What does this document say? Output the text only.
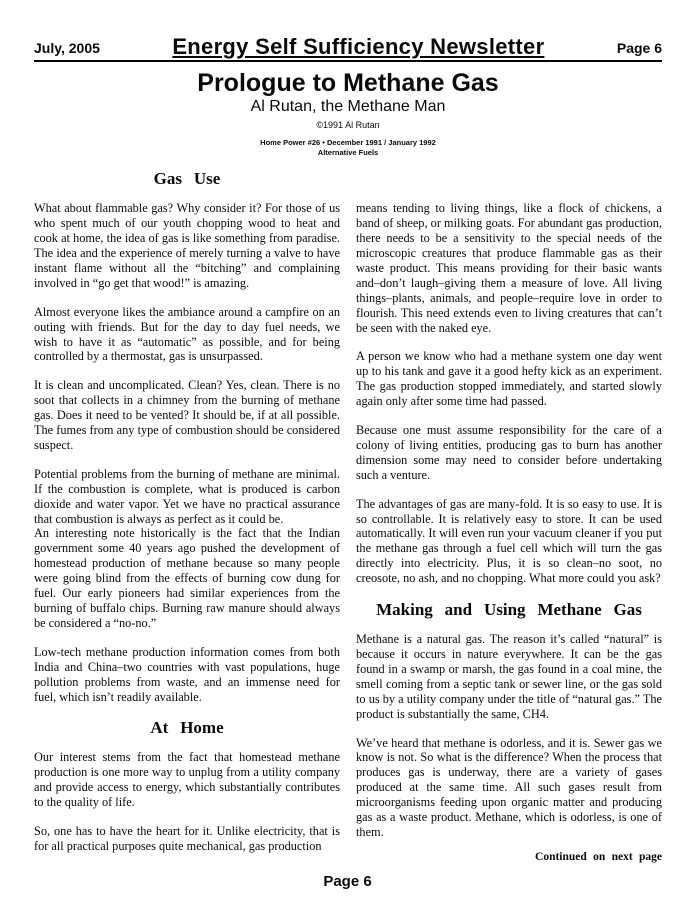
July, 2005	Energy Self Sufficiency Newsletter	Page 6
Prologue to Methane Gas
Al Rutan, the Methane Man
©1991 Al Rutan
Home Power #26 • December 1991 / January 1992
Alternative Fuels
Gas Use

What about flammable gas? Why consider it? For those of us who spent much of our youth chopping wood to heat and cook at home, the idea of gas is like something from paradise. The idea and the experience of merely turning a valve to have instant flame without all the “bitching” and complaining involved in “go get that wood!” is amazing.

Almost everyone likes the ambiance around a campfire on an outing with friends. But for the day to day fuel needs, we wish to have it as “automatic” as possible, and for being controlled by a thermostat, gas is unsurpassed.

It is clean and uncomplicated. Clean? Yes, clean. There is no soot that collects in a chimney from the burning of methane gas. Does it need to be vented? It should be, if at all possible. The fumes from any type of combustion should be considered suspect.

Potential problems from the burning of methane are minimal. If the combustion is complete, what is produced is carbon dioxide and water vapor. Yet we have no practical assurance that combustion is always as perfect as it could be.

An interesting note historically is the fact that the Indian government some 40 years ago pushed the development of homestead production of methane because so many people were going blind from the effects of burning cow dung for fuel. Our early pioneers had similar experiences from the burning of buffalo chips. Burning raw manure should always be considered a “no-no.”

Low-tech methane production information comes from both India and China–two countries with vast populations, huge pollution problems from waste, and an immense need for fuel, which isn’t readily available.

At Home

Our interest stems from the fact that homestead methane production is one more way to unplug from a utility company and provide access to energy, which substantially contributes to the quality of life.

So, one has to have the heart for it. Unlike electricity, that is for all practical purposes quite mechanical, gas production

means tending to living things, like a flock of chickens, a band of sheep, or milking goats. For abundant gas production, there needs to be a sensitivity to the special needs of the microscopic creatures that produce flammable gas as their waste product. This means providing for their basic wants and–don’t laugh–giving them a measure of love. All living things–plants, animals, and people–require love in order to flourish. This need extends even to living creatures that can’t be seen with the naked eye.

A person we know who had a methane system one day went up to his tank and gave it a good hefty kick as an experiment. The gas production stopped immediately, and started slowly again only after some time had passed.

Because one must assume responsibility for the care of a colony of living entities, producing gas to burn has another dimension some may need to consider before undertaking such a venture.

The advantages of gas are many-fold. It is so easy to use. It is so controllable. It is relatively easy to store. It can be used automatically. It will even run your vacuum cleaner if you put the methane gas through a fuel cell which will turn the gas directly into electricity. Plus, it is so clean–no soot, no creosote, no ash, and no chopping. What more could you ask?

Making and Using Methane Gas

Methane is a natural gas. The reason it’s called “natural” is because it occurs in nature everywhere. It can be the gas found in a swamp or marsh, the gas found in a coal mine, the smell coming from a septic tank or sewer line, or the gas sold to us by a utility company under the title of “natural gas.” The product is substantially the same, CH4.

We’ve heard that methane is odorless, and it is. Sewer gas we know is not. So what is the difference? When the process that produces gas is underway, there are a variety of gases produced at the same time. All such gases result from microorganisms feeding upon organic matter and producing gas as a waste product. Methane, which is odorless, is one of them.

Continued on next page
Page 6
